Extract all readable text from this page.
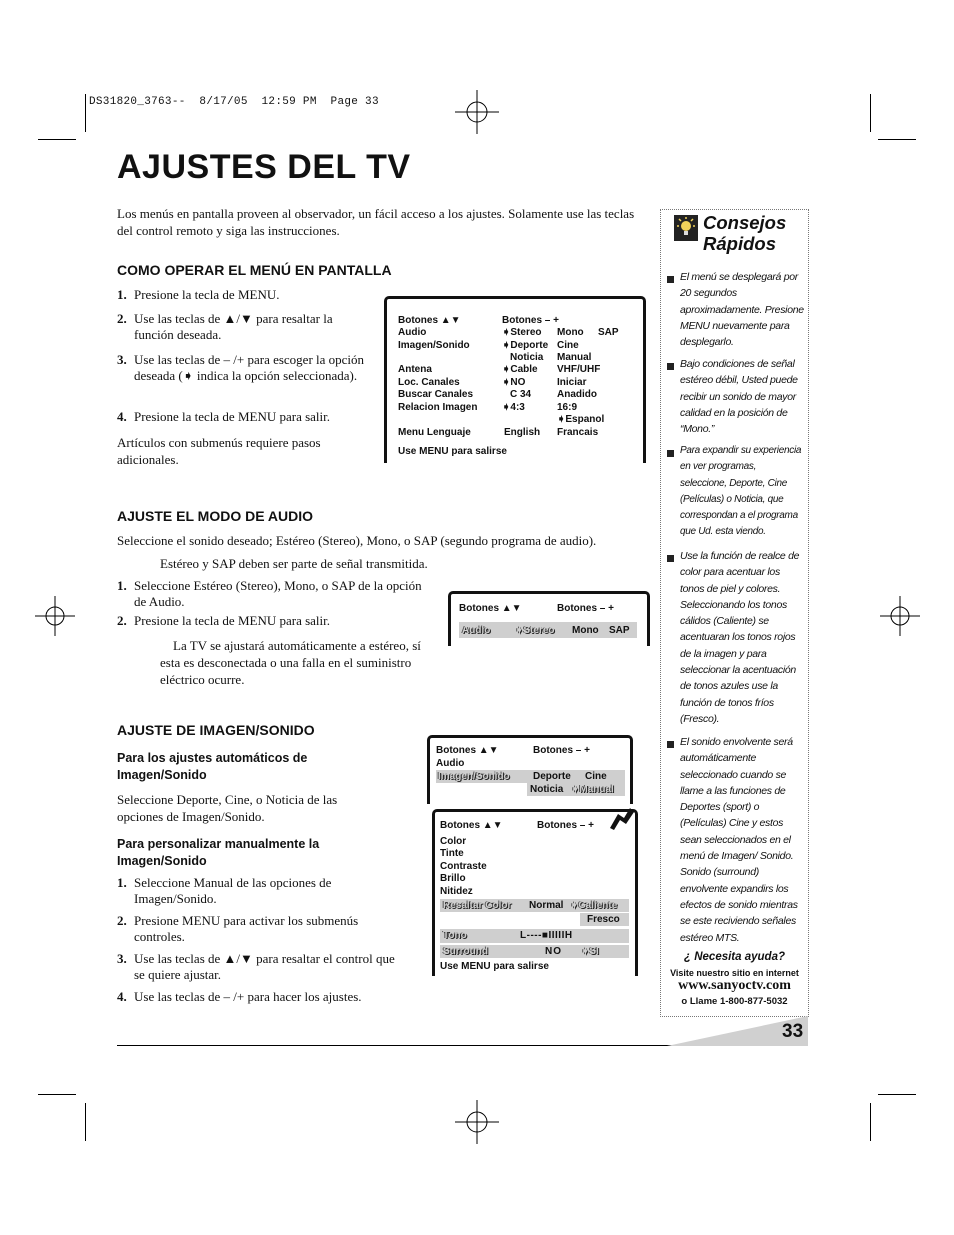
DS31820_3763--  8/17/05  12:59 PM  Page 33
AJUSTES DEL TV
Los menús en pantalla proveen al observador, un fácil acceso a los ajustes. Solamente use las teclas del control remoto y siga las instrucciones.
COMO OPERAR EL MENÚ EN PANTALLA
1. Presione la tecla de MENU.
2. Use las teclas de ▲/▼ para resaltar la función deseada.
3. Use las teclas de – /+ para escoger la opción deseada (➧ indica la opción seleccionada).
4. Presione la tecla de MENU para salir.
Artículos con submenús requiere pasos adicionales.
Botones ▲▼	Botones – +
Audio	➧Stereo Mono SAP
Imagen/Sonido	➧Deporte Cine
Noticia Manual
Antena	➧Cable VHF/UHF
Loc. Canales	➧NO	Iniciar
Buscar Canales	C 34	Anadido
Relacion Imagen ➧4:3	16:9
➧Espanol
Menu Lenguaje	English Francais
Use MENU para salirse
AJUSTE EL MODO DE AUDIO
Seleccione el sonido deseado; Estéreo (Stereo), Mono, o SAP (segundo programa de audio).
Estéreo y SAP deben ser parte de señal transmitida.
1. Seleccione Estéreo (Stereo), Mono, o SAP de la opción de Audio.
2. Presione la tecla de MENU para salir.
La TV se ajustará automáticamente a estéreo, sí esta es desconectada o una falla en el suministro eléctrico ocurre.
Botones ▲▼	Botones – +
Audio ➧Stereo Mono SAP
AJUSTE DE IMAGEN/SONIDO
Para los ajustes automáticos de Imagen/Sonido
Seleccione Deporte, Cine, o Noticia de las opciones de Imagen/Sonido.
Para personalizar manualmente la Imagen/Sonido
1. Seleccione Manual de las opciones de Imagen/Sonido.
2. Presione MENU para activar los submenús controles.
3. Use las teclas de ▲/▼ para resaltar el control que se quiere ajustar.
4. Use las teclas de – /+ para hacer los ajustes.
Botones ▲▼	Botones – +
Audio
Imagen/Sonido Deporte Cine
Noticia ➧Manual
Botones ▲▼	Botones – +
Color
Tinte
Contraste
Brillo
Nitidez
Resaltar Color Normal ➧Caliente
Fresco
Tono	L----■IIIIIH
Surround	NO ➧SI
Use MENU para salirse
Consejos
Rápidos
El menú se desplegará por 20 segundos aproximadamente. Presione MENU nuevamente para desplegarlo.
Bajo condiciones de señal estéreo débil, Usted puede recibir un sonido de mayor calidad en la posición de “Mono.”
Para expandir su experiencia en ver programas, seleccione, Deporte, Cine (Películas) o Noticia, que correspondan a el programa que Ud. esta viendo.
Use la función de realce de color para acentuar los tonos de piel y colores. Seleccionando los tonos cálidos (Caliente) se acentuaran los tonos rojos de la imagen y para seleccionar la acentuación de tonos azules use la función de tonos fríos (Fresco).
El sonido envolvente será automáticamente seleccionado cuando se llame a las funciones de Deportes (sport) o (Películas) Cine y estos sean seleccionados en el menú de Imagen/ Sonido. Sonido (surround) envolvente expandirs los efectos de sonido mientras se este reciviendo señales estéreo MTS.
¿ Necesita ayuda?
Visite nuestro sitio en internet
www.sanyoctv.com
o Llame 1-800-877-5032
33
